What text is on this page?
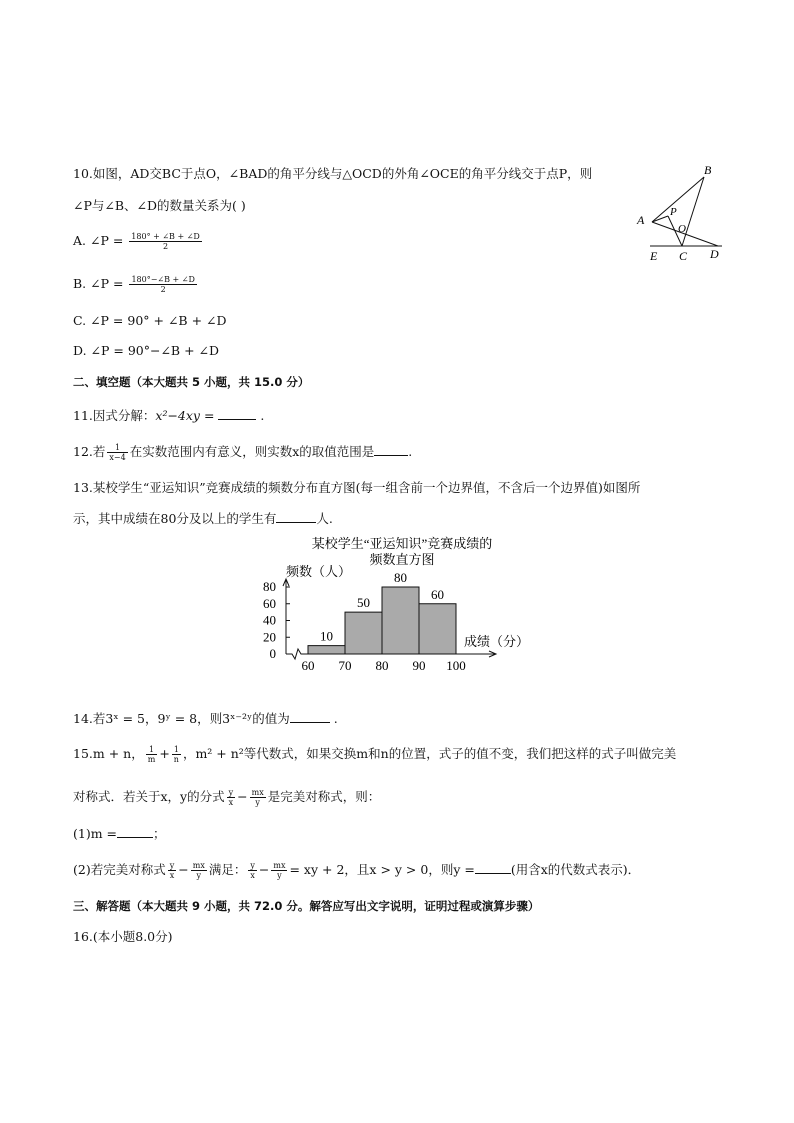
10.如图，AD交BC于点O，∠BAD的角平分线与△OCD的外角∠OCE的角平分线交于点P，则
∠P与∠B、∠D的数量关系为( )
A. ∠P = $\frac{180^\circ + \angle B + \angle D}{2}$
B. ∠P = $\frac{180^\circ-\angle B + \angle D}{2}$
C. ∠P = 90° + ∠B + ∠D
D. ∠P = 90°−∠B + ∠D
B
A
P
O
E C D
二、填空题（本大题共 5 小题，共 15.0 分）
11.因式分解：x²−4xy =	.
12.若 $\frac{1}{x-4}$ 在实数范围内有意义，则实数x的取值范围是	.
13.某校学生“亚运知识”竞赛成绩的频数分布直方图(每一组含前一个边界值，不含后一个边界值)如图所
示，其中成绩在80分及以上的学生有	人.
某校学生“亚运知识”竞赛成绩的
频数直方图
频数（人）
成绩（分）
0
20
40
60
80
60 70 80 90 100
10
50
80
60
14.若3ˣ = 5，9ʸ = 8，则3ˣ⁻²ʸ的值为	.
15.m + n， $\frac{1}{m} + \frac{1}{n}$ ，m² + n²等代数式，如果交换m和n的位置，式子的值不变，我们把这样的式子叫做完美
对称式．若关于x，y的分式 $\frac{y}{x} - \frac{mx}{y}$ 是完美对称式，则：
(1)m =	；
(2)若完美对称式 $\frac{y}{x} - \frac{mx}{y}$ 满足： $\frac{y}{x} - \frac{mx}{y}$ = xy + 2，且x > y > 0，则y =	(用含x的代数式表示)．
三、解答题（本大题共 9 小题，共 72.0 分。解答应写出文字说明，证明过程或演算步骤）
16.(本小题8.0分)
